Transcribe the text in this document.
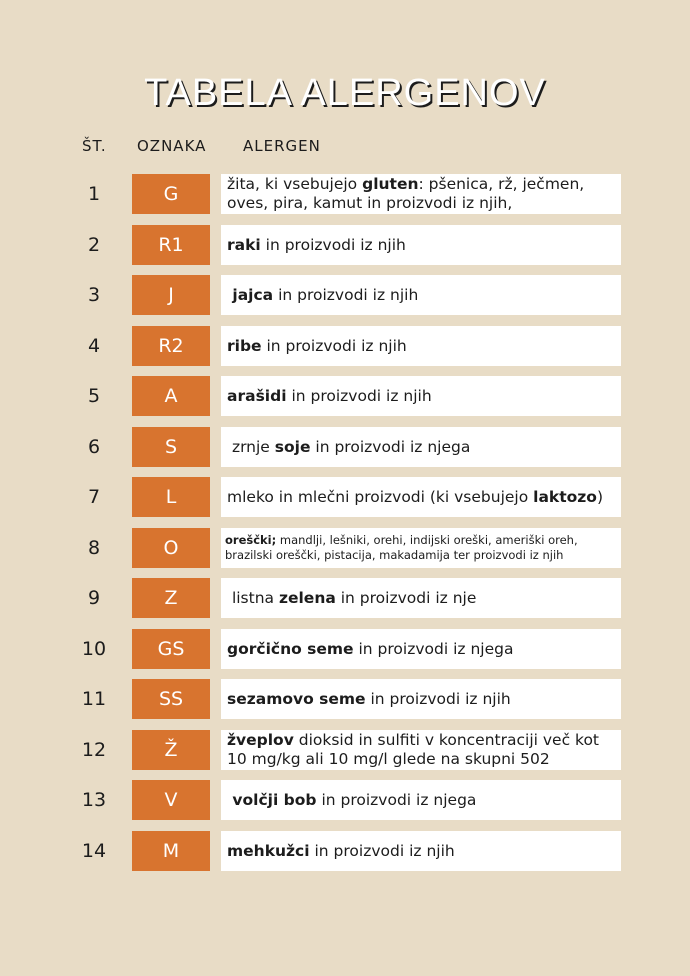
TABELA ALERGENOV
ŠT. OZNAKA ALERGEN
1	G	žita, ki vsebujejo gluten: pšenica, rž, ječmen, oves, pira, kamut in proizvodi iz njih,
2	R1	raki in proizvodi iz njih
3	J	jajca in proizvodi iz njih
4	R2	ribe in proizvodi iz njih
5	A	arašidi in proizvodi iz njih
6	S	zrnje soje in proizvodi iz njega
7	L	mleko in mlečni proizvodi (ki vsebujejo laktozo)
8	O	oreščki; mandlji, lešniki, orehi, indijski oreški, ameriški oreh, brazilski oreščki, pistacija, makadamija ter proizvodi iz njih
9	Z	listna zelena in proizvodi iz nje
10	GS	gorčično seme in proizvodi iz njega
11	SS	sezamovo seme in proizvodi iz njih
12	Ž	žveplov dioksid in sulfiti v koncentraciji več kot 10 mg/kg ali 10 mg/l glede na skupni 502
13	V	volčji bob in proizvodi iz njega
14	M	mehkužci in proizvodi iz njih
